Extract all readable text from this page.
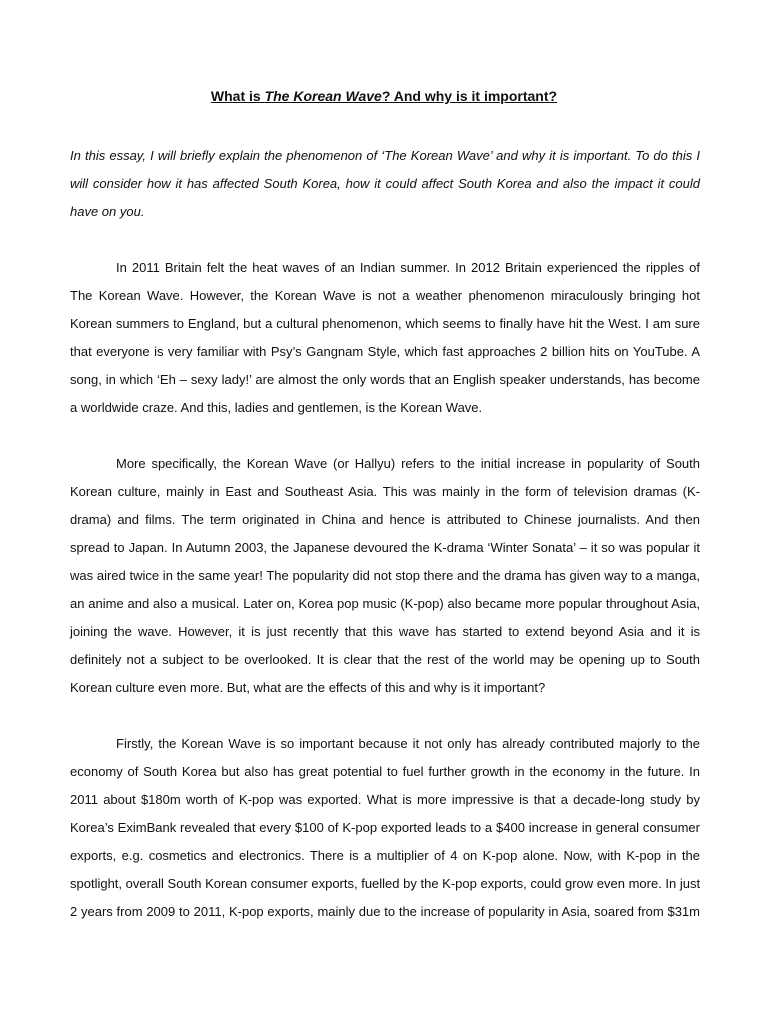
What is The Korean Wave? And why is it important?

In this essay, I will briefly explain the phenomenon of ‘The Korean Wave’ and why it is important. To do this I
will consider how it has affected South Korea, how it could affect South Korea and also the impact it could
have on you.

In 2011 Britain felt the heat waves of an Indian summer. In 2012 Britain experienced the ripples of
The Korean Wave. However, the Korean Wave is not a weather phenomenon miraculously bringing hot
Korean summers to England, but a cultural phenomenon, which seems to finally have hit the West. I am sure
that everyone is very familiar with Psy’s Gangnam Style, which fast approaches 2 billion hits on YouTube. A
song, in which ‘Eh – sexy lady!’ are almost the only words that an English speaker understands, has become
a worldwide craze. And this, ladies and gentlemen, is the Korean Wave.

More specifically, the Korean Wave (or Hallyu) refers to the initial increase in popularity of South
Korean culture, mainly in East and Southeast Asia. This was mainly in the form of television dramas (K-
drama) and films. The term originated in China and hence is attributed to Chinese journalists. And then
spread to Japan. In Autumn 2003, the Japanese devoured the K-drama ‘Winter Sonata’ – it so was popular it
was aired twice in the same year! The popularity did not stop there and the drama has given way to a manga,
an anime and also a musical. Later on, Korea pop music (K-pop) also became more popular throughout Asia,
joining the wave. However, it is just recently that this wave has started to extend beyond Asia and it is
definitely not a subject to be overlooked. It is clear that the rest of the world may be opening up to South
Korean culture even more. But, what are the effects of this and why is it important?

Firstly, the Korean Wave is so important because it not only has already contributed majorly to the
economy of South Korea but also has great potential to fuel further growth in the economy in the future. In
2011 about $180m worth of K-pop was exported. What is more impressive is that a decade-long study by
Korea’s EximBank revealed that every $100 of K-pop exported leads to a $400 increase in general consumer
exports, e.g. cosmetics and electronics. There is a multiplier of 4 on K-pop alone. Now, with K-pop in the
spotlight, overall South Korean consumer exports, fuelled by the K-pop exports, could grow even more. In just
2 years from 2009 to 2011, K-pop exports, mainly due to the increase of popularity in Asia, soared from $31m
